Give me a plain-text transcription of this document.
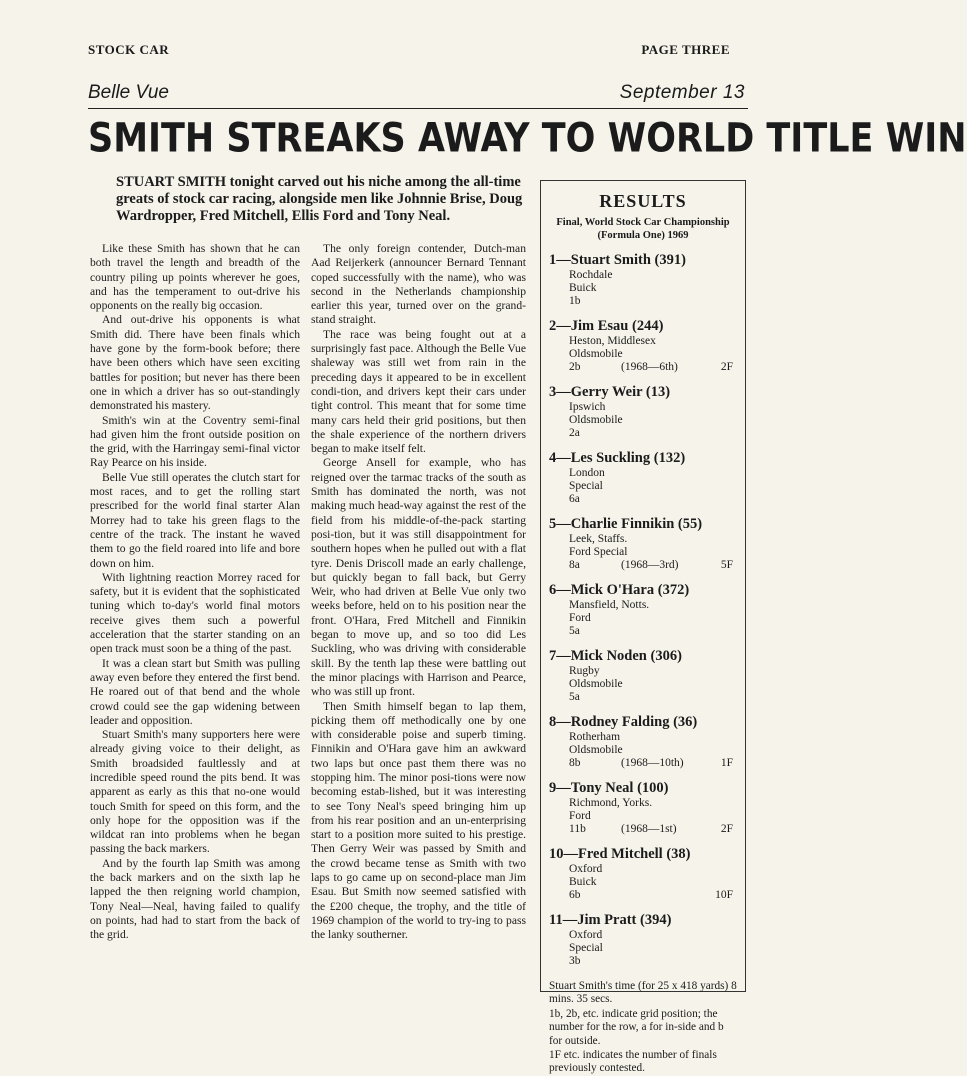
STOCK CAR	PAGE THREE
Belle Vue	September 13
SMITH STREAKS AWAY TO WORLD TITLE WIN
STUART SMITH tonight carved out his niche among the all-time greats of stock car racing, alongside men like Johnnie Brise, Doug Wardropper, Fred Mitchell, Ellis Ford and Tony Neal.

Like these Smith has shown that he can both travel the length and breadth of the country piling up points wherever he goes, and has the temperament to out-drive his opponents on the really big occasion.

And out-drive his opponents is what Smith did. There have been finals which have gone by the form-book before; there have been others which have seen exciting battles for position; but never has there been one in which a driver has so out-standingly demonstrated his mastery.

Smith's win at the Coventry semi-final had given him the front outside position on the grid, with the Harringay semi-final victor Ray Pearce on his inside.

Belle Vue still operates the clutch start for most races, and to get the rolling start prescribed for the world final starter Alan Morrey had to take his green flags to the centre of the track. The instant he waved them to go the field roared into life and bore down on him.

With lightning reaction Morrey raced for safety, but it is evident that the sophisticated tuning which to-day's world final motors receive gives them such a powerful acceleration that the starter standing on an open track must soon be a thing of the past.

It was a clean start but Smith was pulling away even before they entered the first bend. He roared out of that bend and the whole crowd could see the gap widening between leader and opposition.

Stuart Smith's many supporters here were already giving voice to their delight, as Smith broadsided faultlessly and at incredible speed round the pits bend. It was apparent as early as this that no-one would touch Smith for speed on this form, and the only hope for the opposition was if the wildcat ran into problems when he began passing the back markers.

And by the fourth lap Smith was among the back markers and on the sixth lap he lapped the then reigning world champion, Tony Neal—Neal, having failed to qualify on points, had had to start from the back of the grid.

The only foreign contender, Dutch-man Aad Reijerkerk (announcer Bernard Tennant coped successfully with the name), who was second in the Netherlands championship earlier this year, turned over on the grand-stand straight.

The race was being fought out at a surprisingly fast pace. Although the Belle Vue shaleway was still wet from rain in the preceding days it appeared to be in excellent condi-tion, and drivers kept their cars under tight control. This meant that for some time many cars held their grid positions, but then the shale experience of the northern drivers began to make itself felt.

George Ansell for example, who has reigned over the tarmac tracks of the south as Smith has dominated the north, was not making much head-way against the rest of the field from his middle-of-the-pack starting posi-tion, but it was still disappointment for southern hopes when he pulled out with a flat tyre. Denis Driscoll made an early challenge, but quickly began to fall back, but Gerry Weir, who had driven at Belle Vue only two weeks before, held on to his position near the front. O'Hara, Fred Mitchell and Finnikin began to move up, and so too did Les Suckling, who was driving with considerable skill. By the tenth lap these were battling out the minor placings with Harrison and Pearce, who was still up front.

Then Smith himself began to lap them, picking them off methodically one by one with considerable poise and superb timing. Finnikin and O'Hara gave him an awkward two laps but once past them there was no stopping him. The minor posi-tions were now becoming estab-lished, but it was interesting to see Tony Neal's speed bringing him up from his rear position and an un-enterprising start to a position more suited to his prestige. Then Gerry Weir was passed by Smith and the crowd became tense as Smith with two laps to go came up on second-place man Jim Esau. But Smith now seemed satisfied with the £200 cheque, the trophy, and the title of 1969 champion of the world to try-ing to pass the lanky southerner.

RESULTS
Final, World Stock Car Championship (Formula One) 1969
1—Stuart Smith (391)
Rochdale
Buick
1b
2—Jim Esau (244)
Heston, Middlesex
Oldsmobile
2b	(1968—6th)	2F
3—Gerry Weir (13)
Ipswich
Oldsmobile
2a
4—Les Suckling (132)
London
Special
6a
5—Charlie Finnikin (55)
Leek, Staffs.
Ford Special
8a	(1968—3rd)	5F
6—Mick O'Hara (372)
Mansfield, Notts.
Ford
5a
7—Mick Noden (306)
Rugby
Oldsmobile
5a
8—Rodney Falding (36)
Rotherham
Oldsmobile
8b	(1968—10th)	1F
9—Tony Neal (100)
Richmond, Yorks.
Ford
11b	(1968—1st)	2F
10—Fred Mitchell (38)
Oxford
Buick
6b	10F
11—Jim Pratt (394)
Oxford
Special
3b

Stuart Smith's time (for 25 x 418 yards) 8 mins. 35 secs.

1b, 2b, etc. indicate grid position; the number for the row, a for in-side and b for outside.

1F etc. indicates the number of finals previously contested.
